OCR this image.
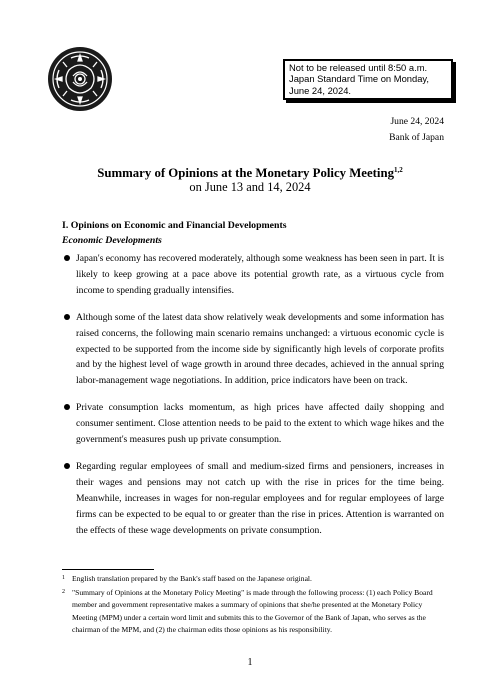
Not to be released until 8:50 a.m.
Japan Standard Time on Monday,
June 24, 2024.
June 24, 2024
Bank of Japan
Summary of Opinions at the Monetary Policy Meeting$^{1,2}$
on June 13 and 14, 2024
I. Opinions on Economic and Financial Developments
Economic Developments
Japan's economy has recovered moderately, although some weakness has been seen in part. It is likely to keep growing at a pace above its potential growth rate, as a virtuous cycle from income to spending gradually intensifies.
Although some of the latest data show relatively weak developments and some information has raised concerns, the following main scenario remains unchanged: a virtuous economic cycle is expected to be supported from the income side by significantly high levels of corporate profits and by the highest level of wage growth in around three decades, achieved in the annual spring labor-management wage negotiations. In addition, price indicators have been on track.
Private consumption lacks momentum, as high prices have affected daily shopping and consumer sentiment. Close attention needs to be paid to the extent to which wage hikes and the government's measures push up private consumption.
Regarding regular employees of small and medium-sized firms and pensioners, increases in their wages and pensions may not catch up with the rise in prices for the time being. Meanwhile, increases in wages for non-regular employees and for regular employees of large firms can be expected to be equal to or greater than the rise in prices. Attention is warranted on the effects of these wage developments on private consumption.
1 English translation prepared by the Bank's staff based on the Japanese original.
2 "Summary of Opinions at the Monetary Policy Meeting" is made through the following process: (1) each Policy Board member and government representative makes a summary of opinions that she/he presented at the Monetary Policy Meeting (MPM) under a certain word limit and submits this to the Governor of the Bank of Japan, who serves as the chairman of the MPM, and (2) the chairman edits those opinions as his responsibility.
1
